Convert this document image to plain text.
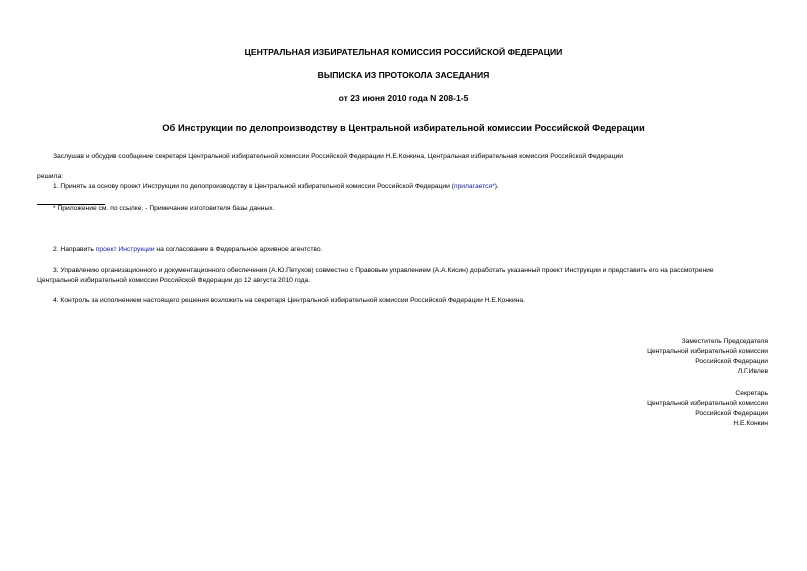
ЦЕНТРАЛЬНАЯ ИЗБИРАТЕЛЬНАЯ КОМИССИЯ РОССИЙСКОЙ ФЕДЕРАЦИИ
ВЫПИСКА ИЗ ПРОТОКОЛА ЗАСЕДАНИЯ
от 23 июня 2010 года N 208-1-5
Об Инструкции по делопроизводству в Центральной избирательной комиссии Российской Федерации
Заслушав и обсудив сообщение секретаря Центральной избирательной комиссии Российской Федерации Н.Е.Конкина, Центральная избирательная комиссия Российской Федерации
решила:
1. Принять за основу проект Инструкции по делопроизводству в Центральной избирательной комиссии Российской Федерации (прилагается*).
* Приложение см. по ссылке. - Примечание изготовителя базы данных.
2. Направить проект Инструкции на согласование в Федеральное архивное агентство.
3. Управлению организационного и документационного обеспечения (А.Ю.Петухов) совместно с Правовым управлением (А.А.Кисин) доработать указанный проект Инструкции и представить его на рассмотрение
Центральной избирательной комиссии Российской Федерации до 12 августа 2010 года.
4. Контроль за исполнением настоящего решения возложить на секретаря Центральной избирательной комиссии Российской Федерации Н.Е.Конкина.
Заместитель Председателя
Центральной избирательной комиссии
Российской Федерации
Л.Г.Ивлев
Секретарь
Центральной избирательной комиссии
Российской Федерации
Н.Е.Конкин
